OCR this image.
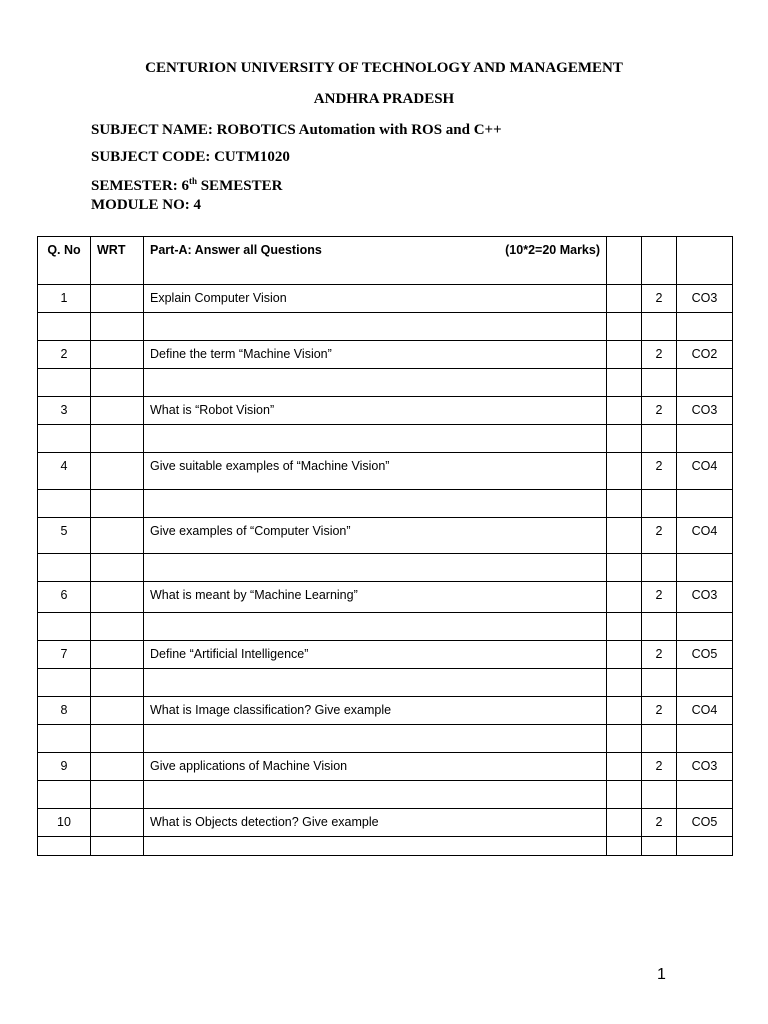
CENTURION UNIVERSITY OF TECHNOLOGY AND MANAGEMENT
ANDHRA PRADESH
SUBJECT NAME: ROBOTICS Automation with ROS and C++
SUBJECT CODE: CUTM1020
SEMESTER: 6th SEMESTER
MODULE NO: 4
Q. No	WRT	Part-A: Answer all Questions (10*2=20 Marks)			

1		Explain Computer Vision		2	CO3

2		Define the term “Machine Vision”		2	CO2

3		What is “Robot Vision”		2	CO3

4		Give suitable examples of “Machine Vision”		2	CO4

5		Give examples of “Computer Vision”		2	CO4

6		What is meant by “Machine Learning”		2	CO3

7		Define “Artificial Intelligence”		2	CO5

8		What is Image classification? Give example		2	CO4

9		Give applications of Machine Vision		2	CO3

10		What is Objects detection? Give example		2	CO5

1
